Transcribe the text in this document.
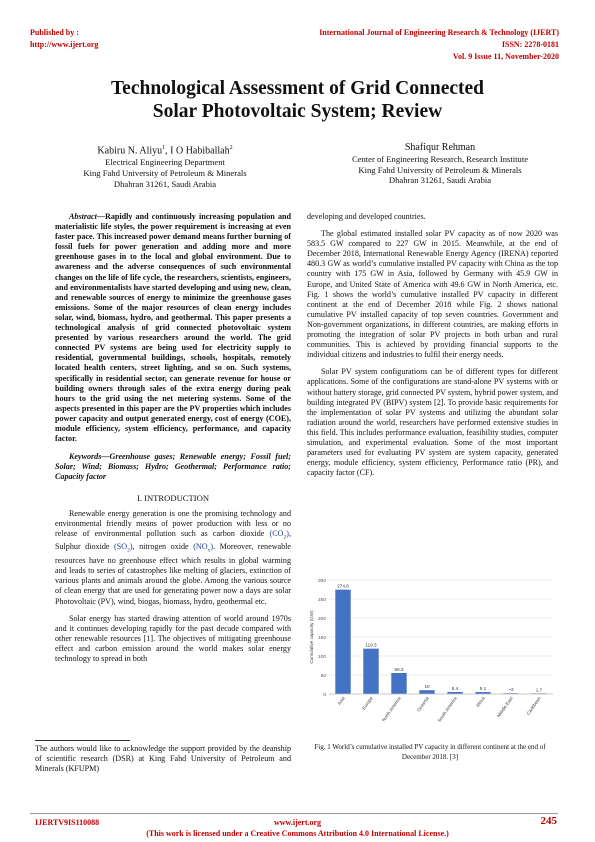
Published by :
http://www.ijert.org
International Journal of Engineering Research & Technology (IJERT)
ISSN: 2278-0181
Vol. 9 Issue 11, November-2020
Technological Assessment of Grid Connected
Solar Photovoltaic System; Review
Kabiru N. Aliyu$^1$, I O Habiballah$^2$
Electrical Engineering Department
King Fahd University of Petroleum & Minerals
Dhahran 31261, Saudi Arabia
Shafiqur Rehman
Center of Engineering Research, Research Institute
King Fahd University of Petroleum & Minerals
Dhahran 31261, Saudi Arabia

Abstract—Rapidly and continuously increasing population and materialistic life styles, the power requirement is increasing at even faster pace. This increased power demand means further burning of fossil fuels for power generation and adding more and more greenhouse gases in to the local and global environment. Due to awareness and the adverse consequences of such environmental changes on the life of life cycle, the researchers, scientists, engineers, and environmentalists have started developing and using new, clean, and renewable sources of energy to minimize the greenhouse gases emissions. Some of the major resources of clean energy includes solar, wind, biomass, hydro, and geothermal. This paper presents a technological analysis of grid connected photovoltaic system presented by various researchers around the world. The grid connected PV systems are being used for electricity supply to residential, governmental buildings, schools, hospitals, remotely located health centers, street lighting, and so on. Such systems, specifically in residential sector, can generate revenue for house or building owners through sales of the extra energy during peak hours to the grid using the net metering systems. Some of the aspects presented in this paper are the PV properties which includes power capacity and output generated energy, cost of energy (COE), module efficiency, system efficiency, performance, and capacity factor.

Keywords—Greenhouse gases; Renewable energy; Fossil fuel; Solar; Wind; Biomass; Hydro; Geothermal; Performance ratio; Capacity factor

I. INTRODUCTION

Renewable energy generation is one the promising technology and environmental friendly means of power production with less or no release of environmental pollution such as carbon dioxide $(CO_2)$, Sulphur dioxide $(SO_2)$, nitrogen oxide $(NO_x)$. Moreover, renewable resources have no greenhouse effect which results in global warming and leads to series of catastrophes like melting of glaciers, extinction of various plants and animals around the globe. Among the various source of clean energy that are used for generating power now a days are solar Photovoltaic (PV), wind, biogas, biomass, hydro, geothermal etc.

Solar energy has started drawing attention of world around 1970s and it continues developing rapidly for the past decade compared with other renewable resources [1]. The objectives of mitigating greenhouse effect and carbon emission around the world makes solar energy technology to spread in both

The authors would like to acknowledge the support provided by the deanship of scientific research (DSR) at King Fahd University of Petroleum and Minerals (KFUPM)

developing and developed countries.

The global estimated installed solar PV capacity as of now 2020 was 583.5 GW compared to 227 GW in 2015. Meanwhile, at the end of December 2018, International Renewable Energy Agency (IRENA) reported 480.3 GW as world’s cumulative installed PV capacity with China as the top country with 175 GW in Asia, followed by Germany with 45.9 GW in Europe, and United State of America with 49.6 GW in North America, etc. Fig. 1 shows the world’s cumulative installed PV capacity in different continent at the end of December 2018 while Fig. 2 shows national cumulative PV installed capacity of top seven countries. Government and Non-government organizations, in different countries, are making efforts in promoting the integration of solar PV projects in both urban and rural communities. This is achieved by providing financial supports to the individual citizens and industries to fulfil their energy needs.

Solar PV system configurations can be of different types for different applications. Some of the configurations are stand-alone PV systems with or without battery storage, grid connected PV system, hybrid power system, and building integrated PV (BIPV) system [2]. To provide basic requirements for the implementation of solar PV systems and utilizing the abundant solar radiation around the world, researchers have performed extensive studies in this field. This includes performance evaluation, feasibility studies, computer simulation, and experimental evaluation. Some of the most important parameters used for evaluating PV system are system capacity, generated energy, module efficiency, system efficiency, Performance ratio (PR), and capacity factor (CF).

0
50
100
150
200
250
300
Cumulative capacity (GW)
274.6
Asia
119.3
Europe
55.3
North America
10
Oceania
5.4
South America
5.1
Africa
~2
Middle East
1.7
Caribbean
Fig. 1 World’s cumulative installed PV capacity in different continent at the end of December 2018. [3]
IJERTV9IS110088	www.ijert.org
(This work is licensed under a Creative Commons Attribution 4.0 International License.)
245
